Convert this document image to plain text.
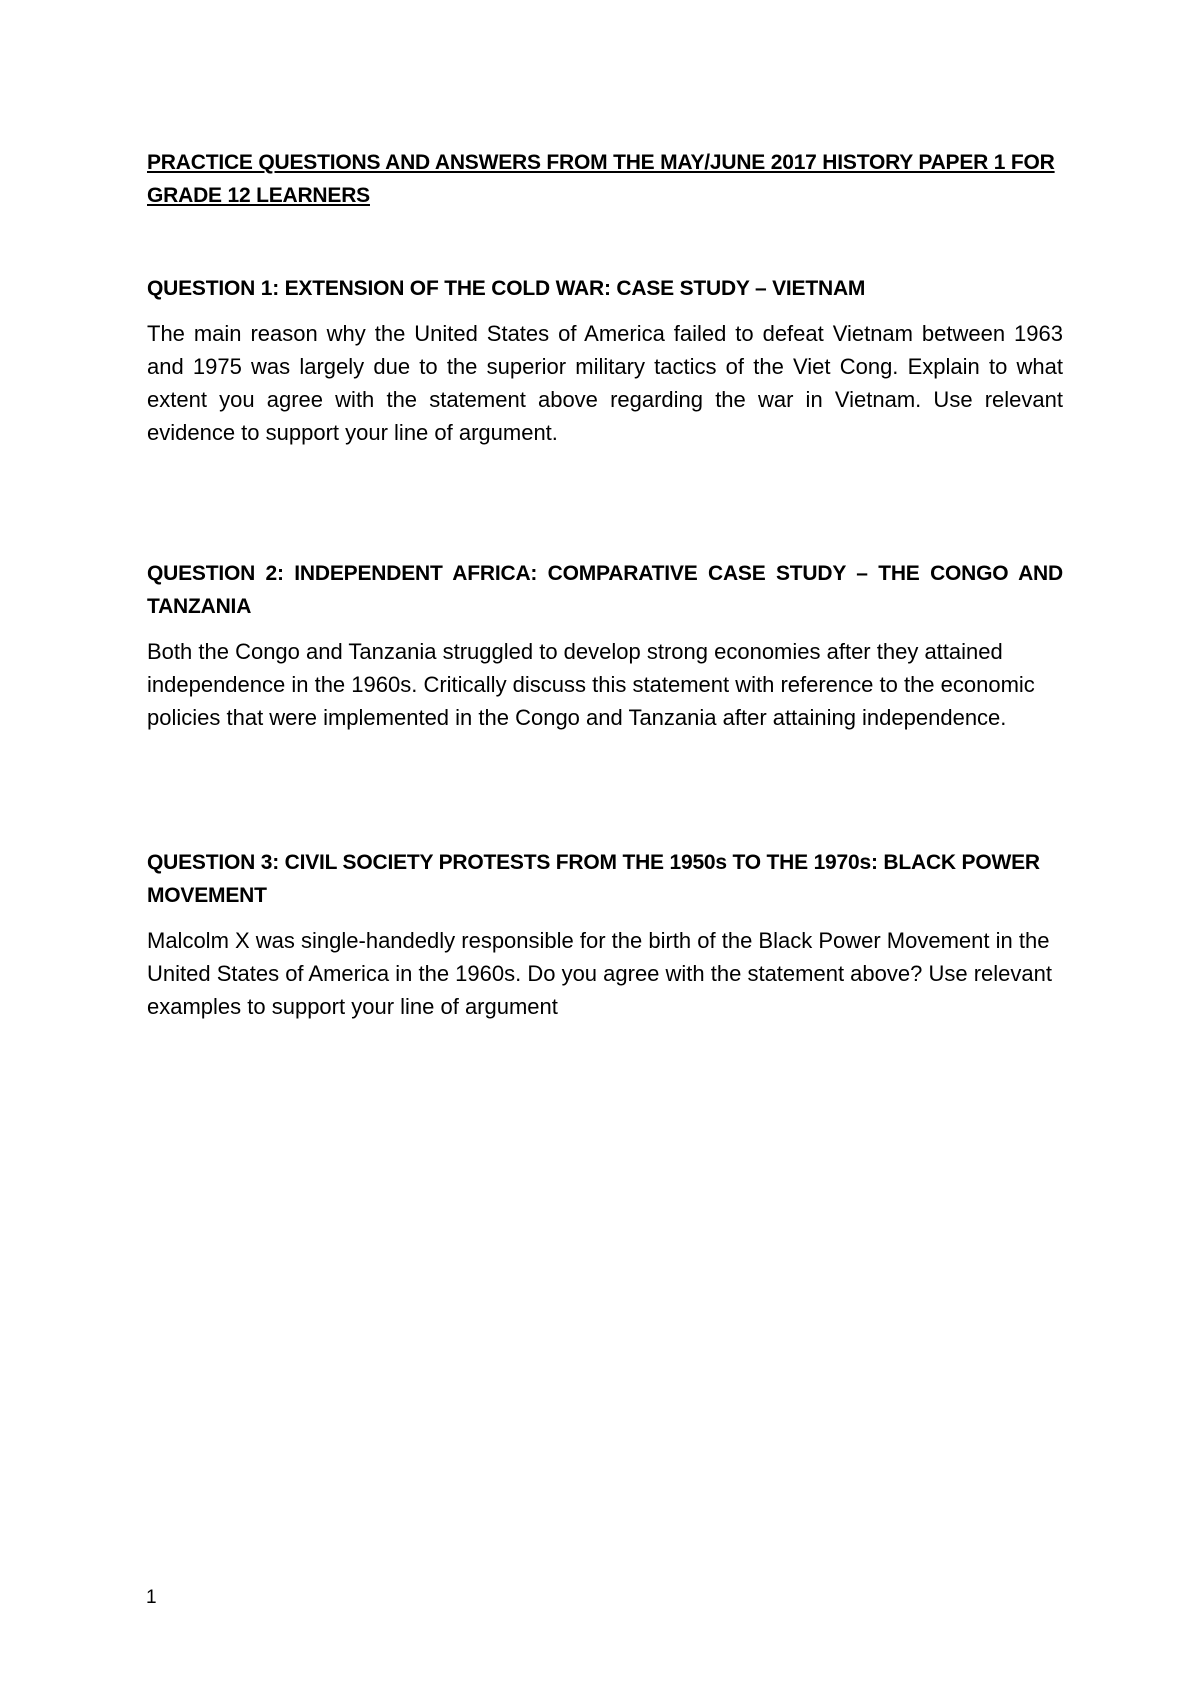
PRACTICE QUESTIONS AND ANSWERS FROM THE MAY/JUNE 2017 HISTORY PAPER 1 FOR GRADE 12 LEARNERS

QUESTION 1: EXTENSION OF THE COLD WAR: CASE STUDY – VIETNAM

The main reason why the United States of America failed to defeat Vietnam between 1963 and 1975 was largely due to the superior military tactics of the Viet Cong. Explain to what extent you agree with the statement above regarding the war in Vietnam. Use relevant evidence to support your line of argument.

QUESTION 2: INDEPENDENT AFRICA: COMPARATIVE CASE STUDY – THE CONGO AND TANZANIA

Both the Congo and Tanzania struggled to develop strong economies after they attained independence in the 1960s. Critically discuss this statement with reference to the economic policies that were implemented in the Congo and Tanzania after attaining independence.

QUESTION 3: CIVIL SOCIETY PROTESTS FROM THE 1950s TO THE 1970s: BLACK POWER MOVEMENT

Malcolm X was single-handedly responsible for the birth of the Black Power Movement in the United States of America in the 1960s. Do you agree with the statement above? Use relevant examples to support your line of argument

1
